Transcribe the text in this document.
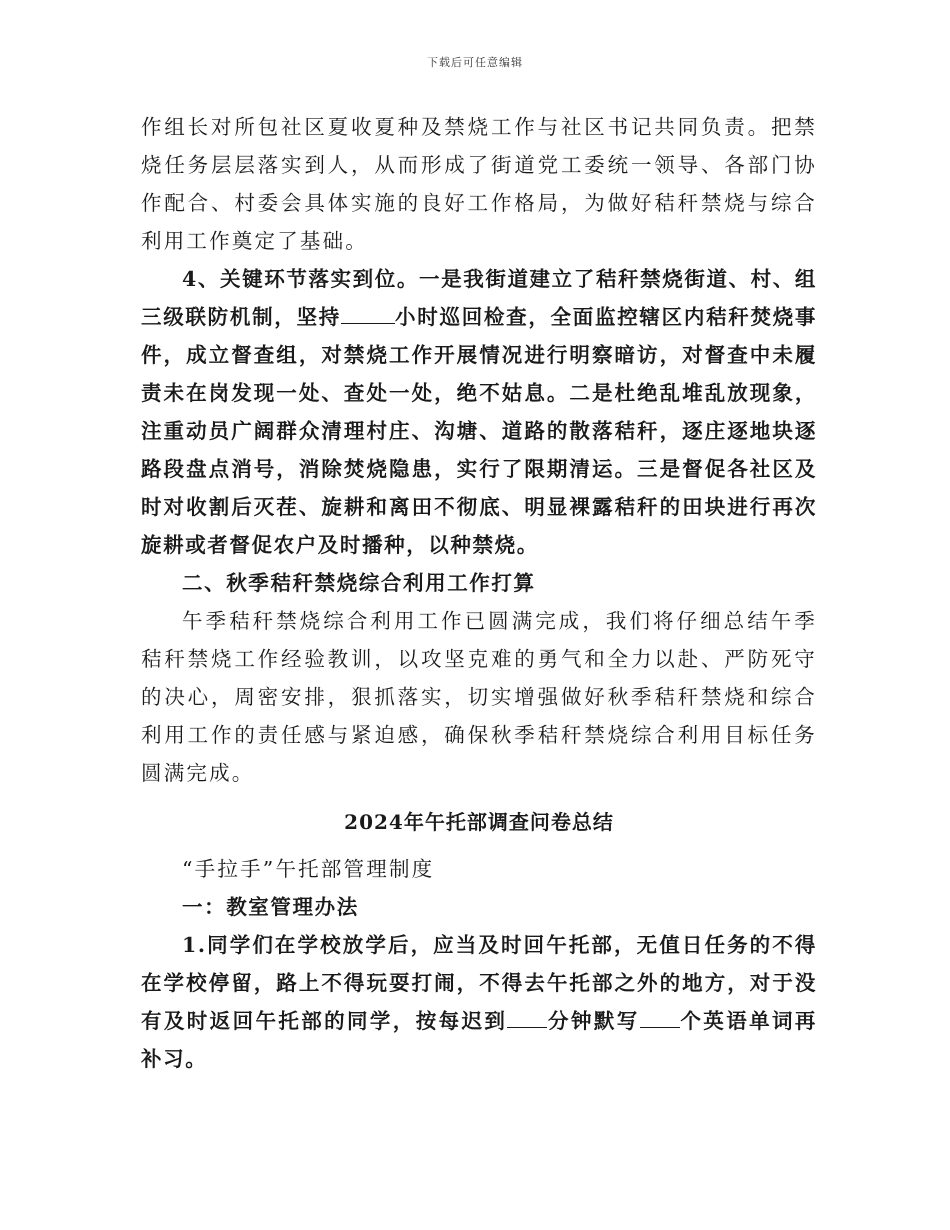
下载后可任意编辑

作组长对所包社区夏收夏种及禁烧工作与社区书记共同负责。把禁烧任务层层落实到人，从而形成了街道党工委统一领导、各部门协作配合、村委会具体实施的良好工作格局，为做好秸秆禁烧与综合利用工作奠定了基础。

4、关键环节落实到位。一是我街道建立了秸秆禁烧街道、村、组三级联防机制，坚持	小时巡回检查，全面监控辖区内秸秆焚烧事件，成立督查组，对禁烧工作开展情况进行明察暗访，对督查中未履责未在岗发现一处、查处一处，绝不姑息。二是杜绝乱堆乱放现象，注重动员广阔群众清理村庄、沟塘、道路的散落秸秆，逐庄逐地块逐路段盘点消号，消除焚烧隐患，实行了限期清运。三是督促各社区及时对收割后灭茬、旋耕和离田不彻底、明显裸露秸秆的田块进行再次旋耕或者督促农户及时播种，以种禁烧。

二、秋季秸秆禁烧综合利用工作打算

午季秸秆禁烧综合利用工作已圆满完成，我们将仔细总结午季秸秆禁烧工作经验教训，以攻坚克难的勇气和全力以赴、严防死守的决心，周密安排，狠抓落实，切实增强做好秋季秸秆禁烧和综合利用工作的责任感与紧迫感，确保秋季秸秆禁烧综合利用目标任务圆满完成。

2024年午托部调查问卷总结

“手拉手”午托部管理制度

一：教室管理办法

1.同学们在学校放学后，应当及时回午托部，无值日任务的不得在学校停留，路上不得玩耍打闹，不得去午托部之外的地方，对于没有及时返回午托部的同学，按每迟到 分钟默写 个英语单词再补习。
